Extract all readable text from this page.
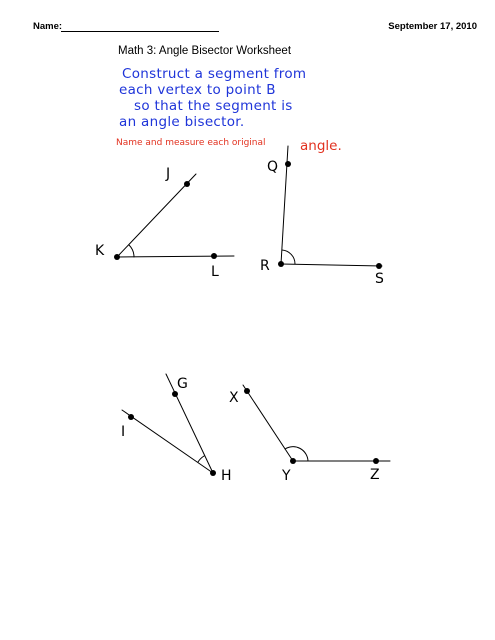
Name:	September 17, 2010
Math 3: Angle Bisector Worksheet
Construct a segment from
each vertex to point B
so that the segment is
an angle bisector.
Name and measure each original	angle.
J
K
L
Q
R
S
G
I
H
X
Y	Z
